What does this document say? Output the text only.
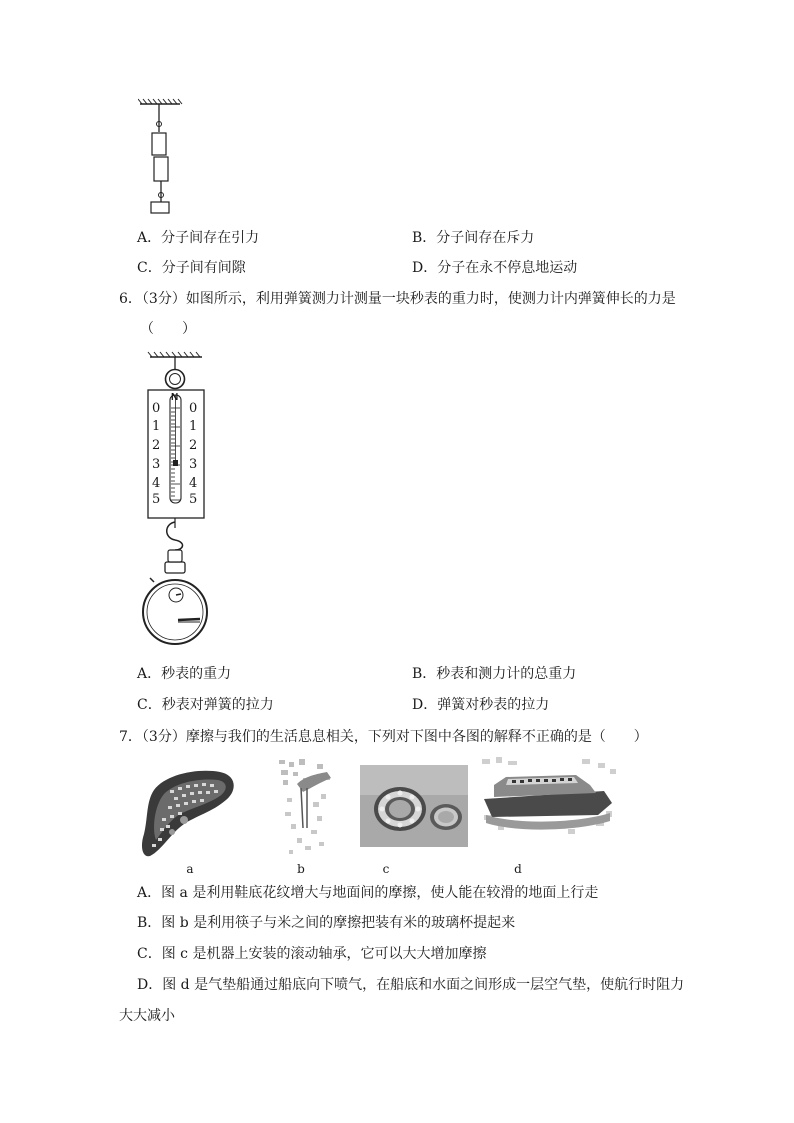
A．分子间存在引力	B．分子间存在斥力
C．分子间有间隙	D．分子在永不停息地运动
6．（3分）如图所示，利用弹簧测力计测量一块秒表的重力时，使测力计内弹簧伸长的力是
（　　）
N
0
1
2
3
4
5
0
1
2
3
4
5
A．秒表的重力	B．秒表和测力计的总重力
C．秒表对弹簧的拉力	D．弹簧对秒表的拉力
7．（3分）摩擦与我们的生活息息相关，下列对下图中各图的解释不正确的是（　　）
a	b	c	d
A．图 a 是利用鞋底花纹增大与地面间的摩擦，使人能在较滑的地面上行走
B．图 b 是利用筷子与米之间的摩擦把装有米的玻璃杯提起来
C．图 c 是机器上安装的滚动轴承，它可以大大增加摩擦
D．图 d 是气垫船通过船底向下喷气，在船底和水面之间形成一层空气垫，使航行时阻力
大大减小
